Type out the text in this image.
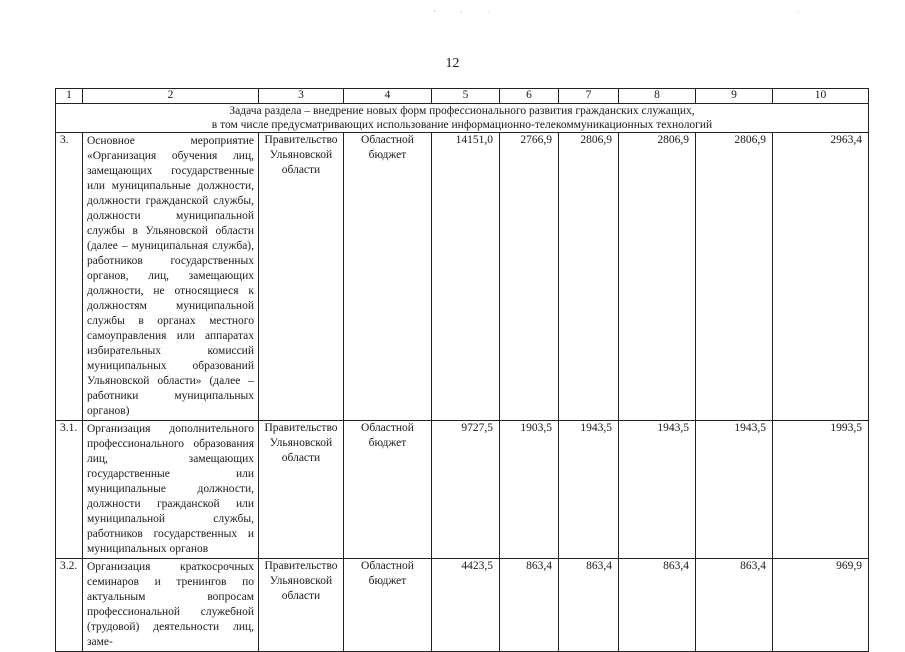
'	·	·	·
12
1	2	3	4	5	6	7	8	9	10
Задача раздела – внедрение новых форм профессионального развития гражданских служащих,
в том числе предусматривающих использование информационно-телекоммуникационных технологий									
3.	Основное мероприятие «Организация обучения лиц, замещающих государственные или муниципальные должности, должности гражданской службы, должности муниципальной службы в Ульяновской области (далее – муниципальная служба), работников государственных органов, лиц, замещающих должности, не относящиеся к должностям муниципальной службы в органах местного самоуправления или аппаратах избирательных комиссий муниципальных образований Ульяновской области» (далее – работники муниципальных органов)	Правительство Ульяновской области	Областной бюджет	14151,0	2766,9	2806,9	2806,9	2806,9	2963,4
3.1.	Организация дополнительного профессионального образования лиц, замещающих государственные или муниципальные должности, должности гражданской или муниципальной службы, работников государственных и муниципальных органов	Правительство Ульяновской области	Областной бюджет	9727,5	1903,5	1943,5	1943,5	1943,5	1993,5
3.2.	Организация краткосрочных семинаров и тренингов по актуальным вопросам профессиональной служебной (трудовой) деятельности лиц, заме-	Правительство Ульяновской области	Областной бюджет	4423,5	863,4	863,4	863,4	863,4	969,9
